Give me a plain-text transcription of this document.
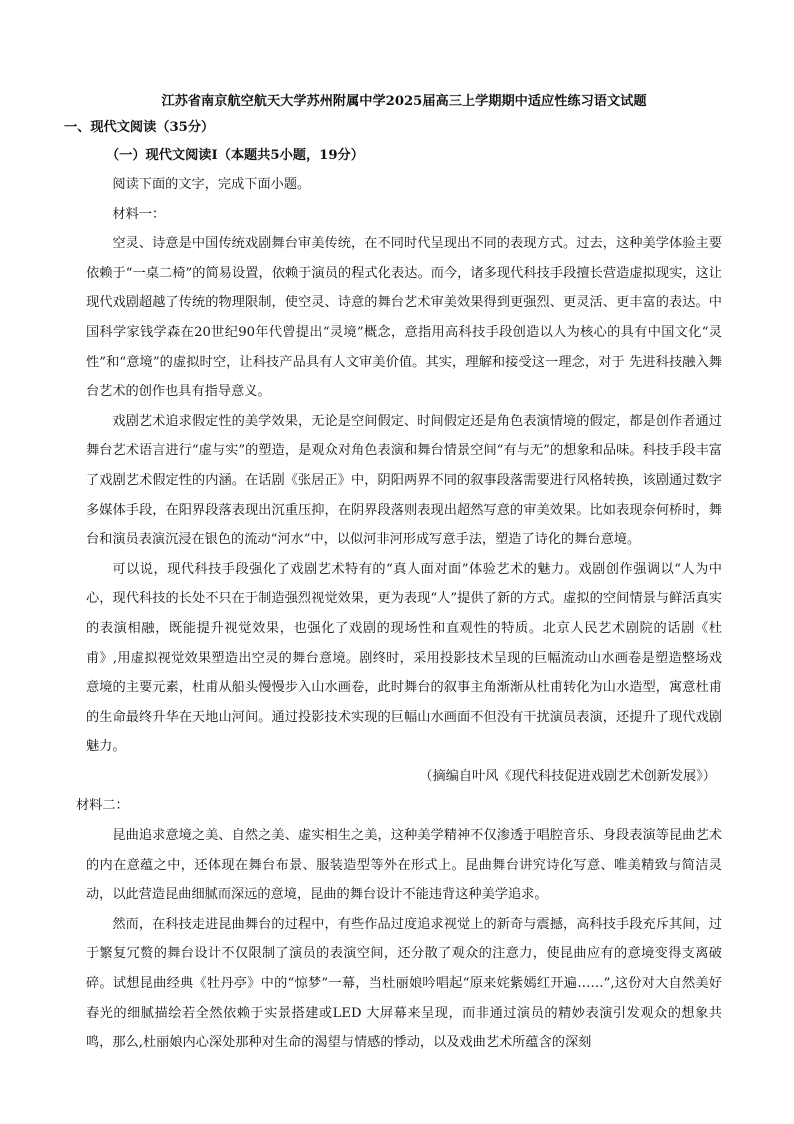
江苏省南京航空航天大学苏州附属中学2025届高三上学期期中适应性练习语文试题
一、现代文阅读（35分）
（一）现代文阅读Ⅰ（本题共5小题，19分）

阅读下面的文字，完成下面小题。

材料一：

空灵、诗意是中国传统戏剧舞台审美传统，在不同时代呈现出不同的表现方式。过去，这种美学体验主要依赖于“一桌二椅”的简易设置，依赖于演员的程式化表达。而今，诸多现代科技手段擅长营造虚拟现实，这让现代戏剧超越了传统的物理限制，使空灵、诗意的舞台艺术审美效果得到更强烈、更灵活、更丰富的表达。中国科学家钱学森在20世纪90年代曾提出“灵境”概念，意指用高科技手段创造以人为核心的具有中国文化“灵性”和“意境”的虚拟时空，让科技产品具有人文审美价值。其实，理解和接受这一理念，对于 先进科技融入舞台艺术的创作也具有指导意义。

戏剧艺术追求假定性的美学效果，无论是空间假定、时间假定还是角色表演情境的假定，都是创作者通过舞台艺术语言进行“虚与实”的塑造，是观众对角色表演和舞台情景空间“有与无”的想象和品味。科技手段丰富了戏剧艺术假定性的内涵。在话剧《张居正》中，阴阳两界不同的叙事段落需要进行风格转换，该剧通过数字多媒体手段，在阳界段落表现出沉重压抑，在阴界段落则表现出超然写意的审美效果。比如表现奈何桥时，舞台和演员表演沉浸在银色的流动“河水”中，以似河非河形成写意手法，塑造了诗化的舞台意境。

可以说，现代科技手段强化了戏剧艺术特有的“真人面对面”体验艺术的魅力。戏剧创作强调以“人为中心，现代科技的长处不只在于制造强烈视觉效果，更为表现“人”提供了新的方式。虚拟的空间情景与鲜活真实的表演相融，既能提升视觉效果，也强化了戏剧的现场性和直观性的特质。北京人民艺术剧院的话剧《杜甫》,用虚拟视觉效果塑造出空灵的舞台意境。剧终时，采用投影技术呈现的巨幅流动山水画卷是塑造整场戏意境的主要元素，杜甫从船头慢慢步入山水画卷，此时舞台的叙事主角渐渐从杜甫转化为山水造型，寓意杜甫的生命最终升华在天地山河间。通过投影技术实现的巨幅山水画面不但没有干扰演员表演，还提升了现代戏剧魅力。

（摘编自叶风《现代科技促进戏剧艺术创新发展》）

材料二：

昆曲追求意境之美、自然之美、虚实相生之美，这种美学精神不仅渗透于唱腔音乐、身段表演等昆曲艺术的内在意蕴之中，还体现在舞台布景、服装造型等外在形式上。昆曲舞台讲究诗化写意、唯美精致与简洁灵动，以此营造昆曲细腻而深远的意境，昆曲的舞台设计不能违背这种美学追求。

然而，在科技走进昆曲舞台的过程中，有些作品过度追求视觉上的新奇与震撼，高科技手段充斥其间，过于繁复冗赘的舞台设计不仅限制了演员的表演空间，还分散了观众的注意力，使昆曲应有的意境变得支离破碎。试想昆曲经典《牡丹亭》中的“惊梦”一幕，当杜丽娘吟唱起“原来姹紫嫣红开遍……”,这份对大自然美好春光的细腻描绘若全然依赖于实景搭建或LED 大屏幕来呈现，而非通过演员的精妙表演引发观众的想象共鸣，那么,杜丽娘内心深处那种对生命的渴望与情感的悸动，以及戏曲艺术所蕴含的深刻
